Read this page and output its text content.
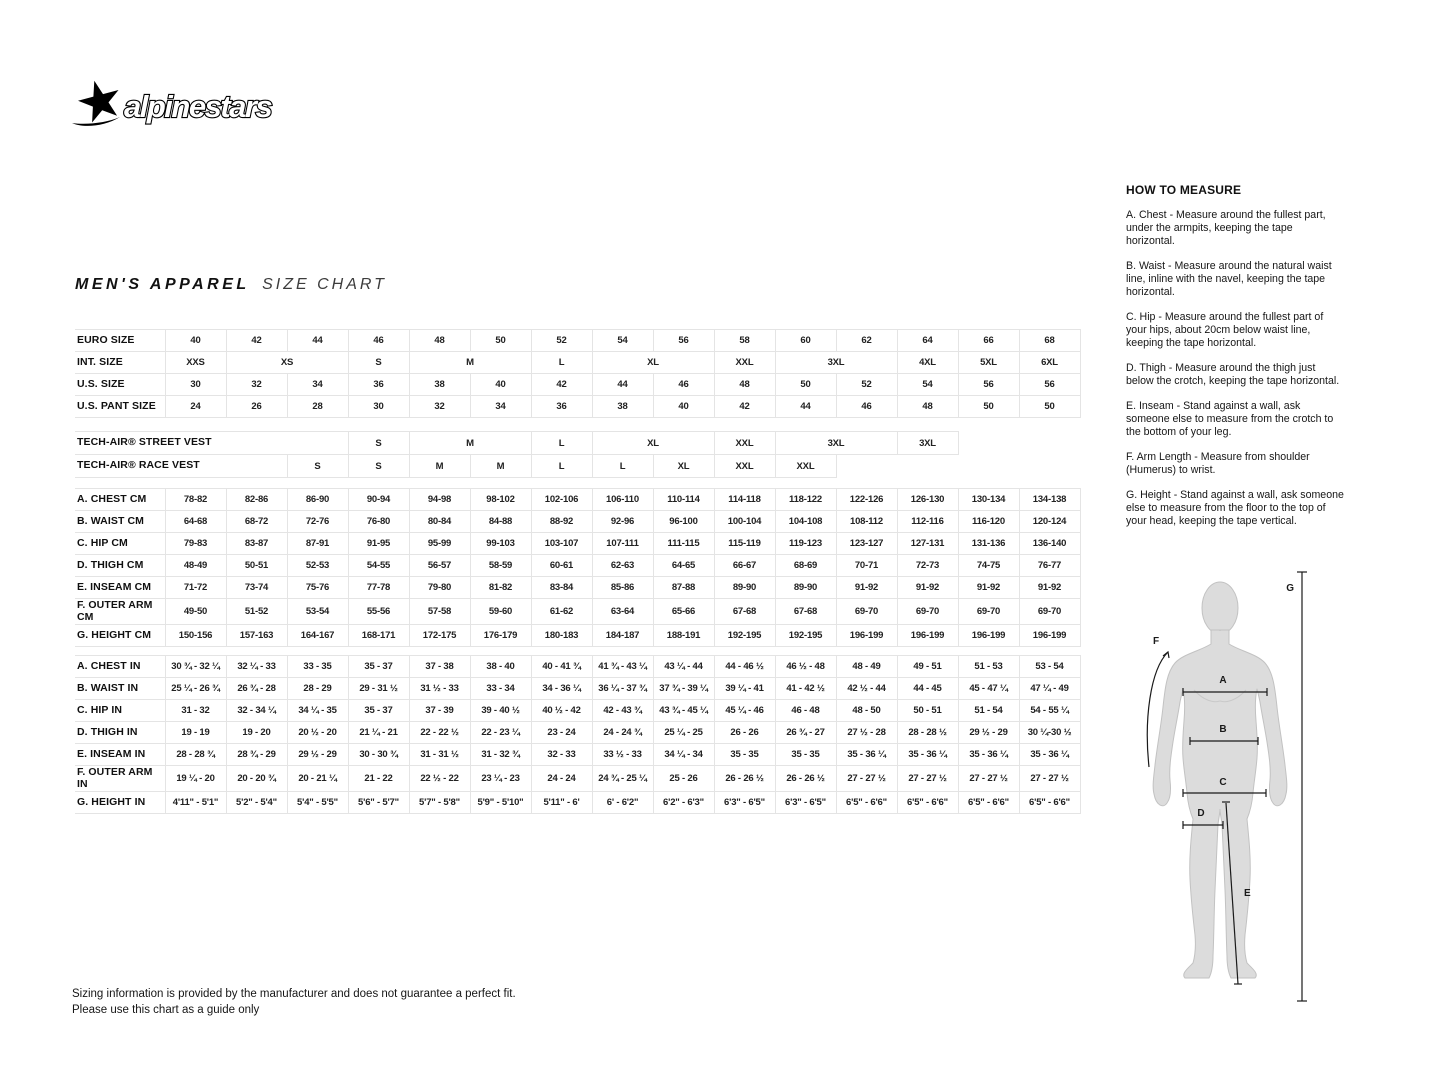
alpinestars
MEN'S APPAREL SIZE CHART
EURO SIZE	40	42	44	46	48	50	52	54	56	58	60	62	64	66	68
INT. SIZE	XXS	XS		S	M		L	XL		XXL	3XL		4XL	5XL	6XL
U.S. SIZE	30	32	34	36	38	40	42	44	46	48	50	52	54	56	56
U.S. PANT SIZE	24	26	28	30	32	34	36	38	40	42	44	46	48	50	50

TECH-AIR® STREET VEST				S	M		L	XL		XXL	3XL		3XL		
TECH-AIR® RACE VEST			S	S	M	M	L	L	XL	XXL	XXL				

A. CHEST CM	78-82	82-86	86-90	90-94	94-98	98-102	102-106	106-110	110-114	114-118	118-122	122-126	126-130	130-134	134-138
B. WAIST CM	64-68	68-72	72-76	76-80	80-84	84-88	88-92	92-96	96-100	100-104	104-108	108-112	112-116	116-120	120-124
C. HIP CM	79-83	83-87	87-91	91-95	95-99	99-103	103-107	107-111	111-115	115-119	119-123	123-127	127-131	131-136	136-140
D. THIGH CM	48-49	50-51	52-53	54-55	56-57	58-59	60-61	62-63	64-65	66-67	68-69	70-71	72-73	74-75	76-77
E. INSEAM CM	71-72	73-74	75-76	77-78	79-80	81-82	83-84	85-86	87-88	89-90	89-90	91-92	91-92	91-92	91-92
F. OUTER ARM CM	49-50	51-52	53-54	55-56	57-58	59-60	61-62	63-64	65-66	67-68	67-68	69-70	69-70	69-70	69-70
G. HEIGHT CM	150-156	157-163	164-167	168-171	172-175	176-179	180-183	184-187	188-191	192-195	192-195	196-199	196-199	196-199	196-199

A. CHEST IN	30 ¾ - 32 ¼	32 ¼ - 33	33 - 35	35 - 37	37 - 38	38 - 40	40 - 41 ¾	41 ¾ - 43 ¼	43 ¼ - 44	44 - 46 ½	46 ½ - 48	48 - 49	49 - 51	51 - 53	53 - 54
B. WAIST IN	25 ¼ - 26 ¾	26 ¾ - 28	28 - 29	29 - 31 ½	31 ½ - 33	33 - 34	34 - 36 ¼	36 ¼ - 37 ¾	37 ¾ - 39 ¼	39 ¼ - 41	41 - 42 ½	42 ½ - 44	44 - 45	45 - 47 ¼	47 ¼ - 49
C. HIP IN	31 - 32	32 - 34 ¼	34 ¼ - 35	35 - 37	37 - 39	39 - 40 ½	40 ½ - 42	42 - 43 ¾	43 ¾ - 45 ¼	45 ¼ - 46	46 - 48	48 - 50	50 - 51	51 - 54	54 - 55 ¼
D. THIGH IN	19 - 19	19 - 20	20 ½ - 20	21 ¼ - 21	22 - 22 ½	22 - 23 ¼	23 - 24	24 - 24 ¾	25 ¼ - 25	26 - 26	26 ¾ - 27	27 ½ - 28	28 - 28 ½	29 ½ - 29	30 ¼-30 ½
E. INSEAM IN	28 - 28 ¾	28 ¾ - 29	29 ½ - 29	30 - 30 ¾	31 - 31 ½	31 - 32 ¾	32 - 33	33 ½ - 33	34 ¼ - 34	35 - 35	35 - 35	35 - 36 ¼	35 - 36 ¼	35 - 36 ¼	35 - 36 ¼
F. OUTER ARM IN	19 ¼ - 20	20 - 20 ¾	20 - 21 ¼	21 - 22	22 ½ - 22	23 ¼ - 23	24 - 24	24 ¾ - 25 ¼	25 - 26	26 - 26 ½	26 - 26 ½	27 - 27 ½	27 - 27 ½	27 - 27 ½	27 - 27 ½
G. HEIGHT IN	4'11" - 5'1"	5'2" - 5'4"	5'4" - 5'5"	5'6" - 5'7"	5'7" - 5'8"	5'9" - 5'10"	5'11" - 6'	6' - 6'2"	6'2" - 6'3"	6'3" - 6'5"	6'3" - 6'5"	6'5" - 6'6"	6'5" - 6'6"	6'5" - 6'6"	6'5" - 6'6"
HOW TO MEASURE

A. Chest - Measure around the fullest part, under the armpits, keeping the tape horizontal.

B. Waist - Measure around the natural waist line, inline with the navel, keeping the tape horizontal.

C. Hip - Measure around the fullest part of your hips, about 20cm below waist line, keeping the tape horizontal.

D. Thigh - Measure around the thigh just below the crotch, keeping the tape horizontal.

E. Inseam - Stand against a wall, ask someone else to measure from the crotch to the bottom of your leg.

F. Arm Length - Measure from shoulder (Humerus) to wrist.

G. Height - Stand against a wall, ask someone else to measure from the floor to the top of your head, keeping the tape vertical.

A
B
C
D
E
F
G
Sizing information is provided by the manufacturer and does not guarantee a perfect fit.
Please use this chart as a guide only
